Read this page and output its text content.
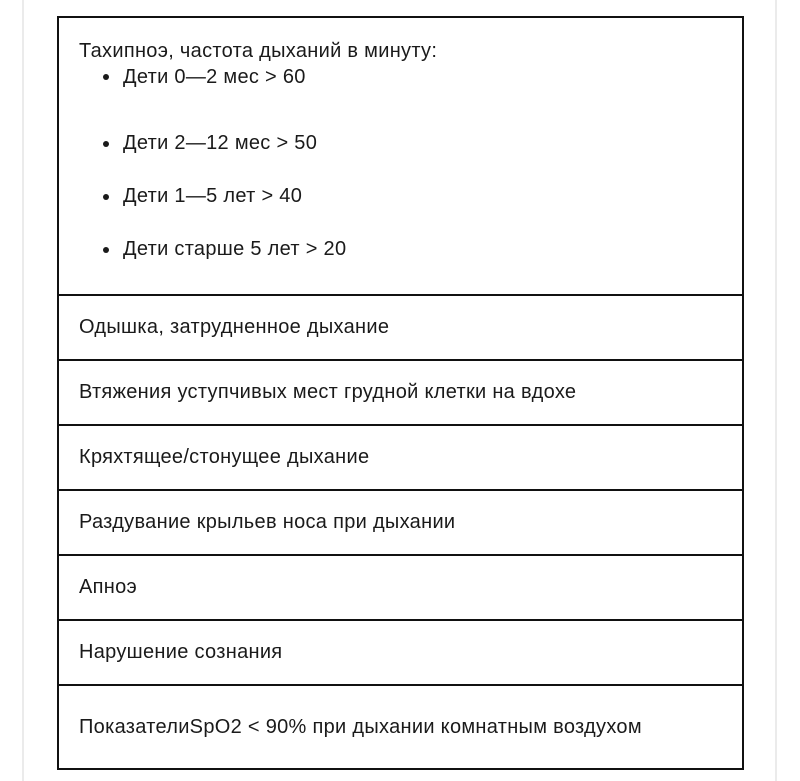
Тахипноэ, частота дыханий в минуту:

Дети 0—2 мес > 60
Дети 2—12 мес > 50
Дети 1—5 лет > 40
Дети старше 5 лет > 20
Одышка, затрудненное дыхание
Втяжения уступчивых мест грудной клетки на вдохе
Кряхтящее/стонущее дыхание
Раздувание крыльев носа при дыхании
Апноэ
Нарушение сознания
ПоказателиSpO2 < 90% при дыхании комнатным воздухом
